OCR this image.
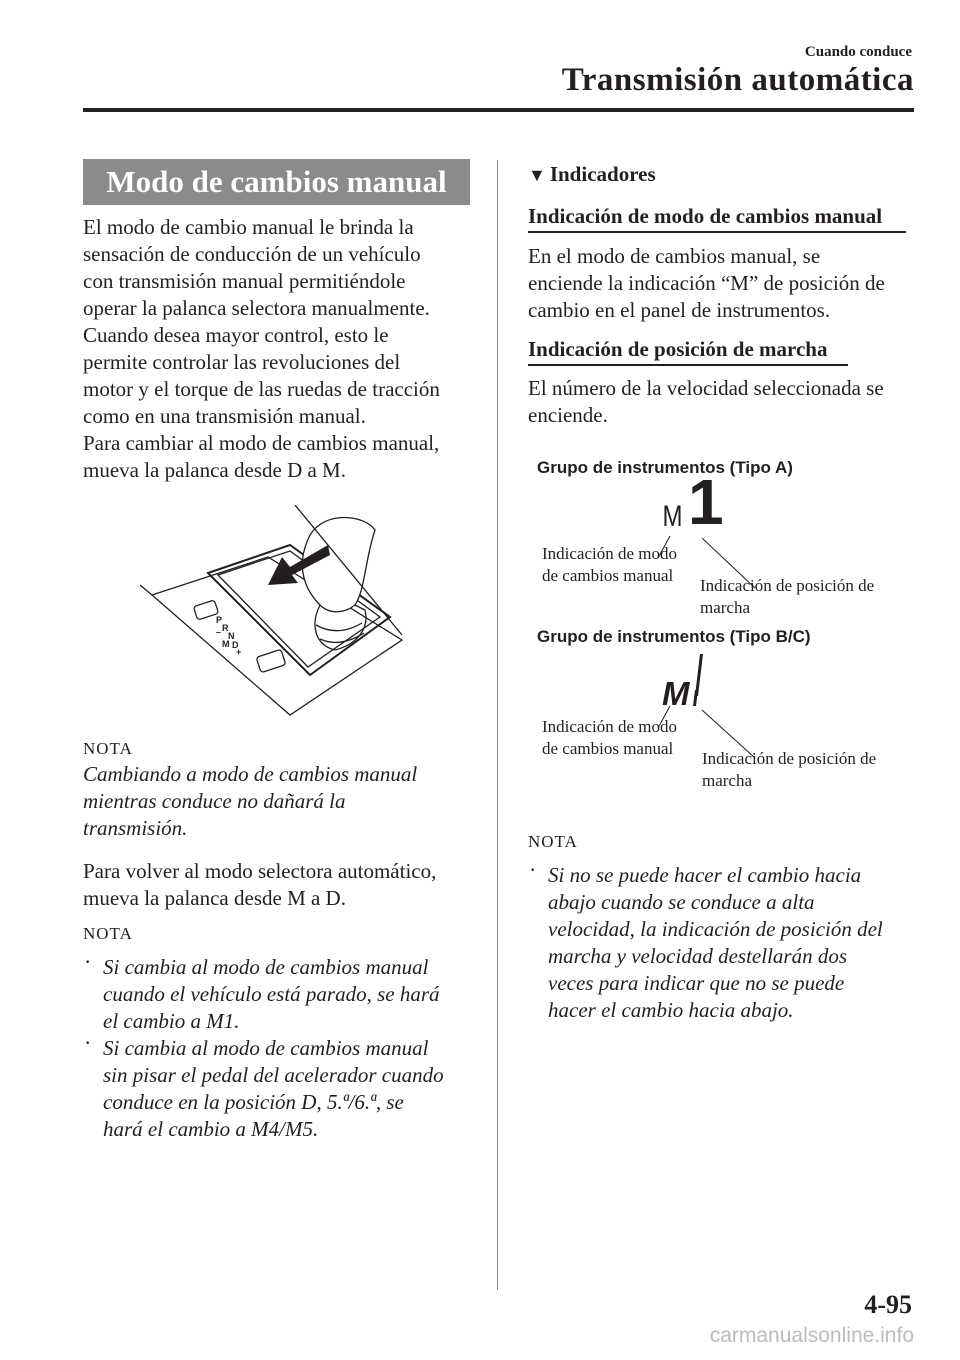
Cuando conduce
Transmisión automática
Modo de cambios manual
El modo de cambio manual le brinda la
sensación de conducción de un vehículo
con transmisión manual permitiéndole
operar la palanca selectora manualmente.
Cuando desea mayor control, esto le
permite controlar las revoluciones del
motor y el torque de las ruedas de tracción
como en una transmisión manual.
Para cambiar al modo de cambios manual,
mueva la palanca desde D a M.
P
R
N
D
M
–
+
NOTA
Cambiando a modo de cambios manual
mientras conduce no dañará la
transmisión.
Para volver al modo selectora automático,
mueva la palanca desde M a D.
NOTA
· Si cambia al modo de cambios manual
cuando el vehículo está parado, se hará
el cambio a M1.
· Si cambia al modo de cambios manual
sin pisar el pedal del acelerador cuando
conduce en la posición D, 5.ª/6.ª, se
hará el cambio a M4/M5.
▼ Indicadores
Indicación de modo de cambios manual
En el modo de cambios manual, se
enciende la indicación “M” de posición de
cambio en el panel de instrumentos.
Indicación de posición de marcha
El número de la velocidad seleccionada se
enciende.
Grupo de instrumentos (Tipo A)
M 1
Indicación de modo
de cambios manual
Indicación de posición de
marcha
Grupo de instrumentos (Tipo B/C)
M
Indicación de modo
de cambios manual
Indicación de posición de
marcha
NOTA
· Si no se puede hacer el cambio hacia
abajo cuando se conduce a alta
velocidad, la indicación de posición del
marcha y velocidad destellarán dos
veces para indicar que no se puede
hacer el cambio hacia abajo.
4-95
carmanualsonline.info
